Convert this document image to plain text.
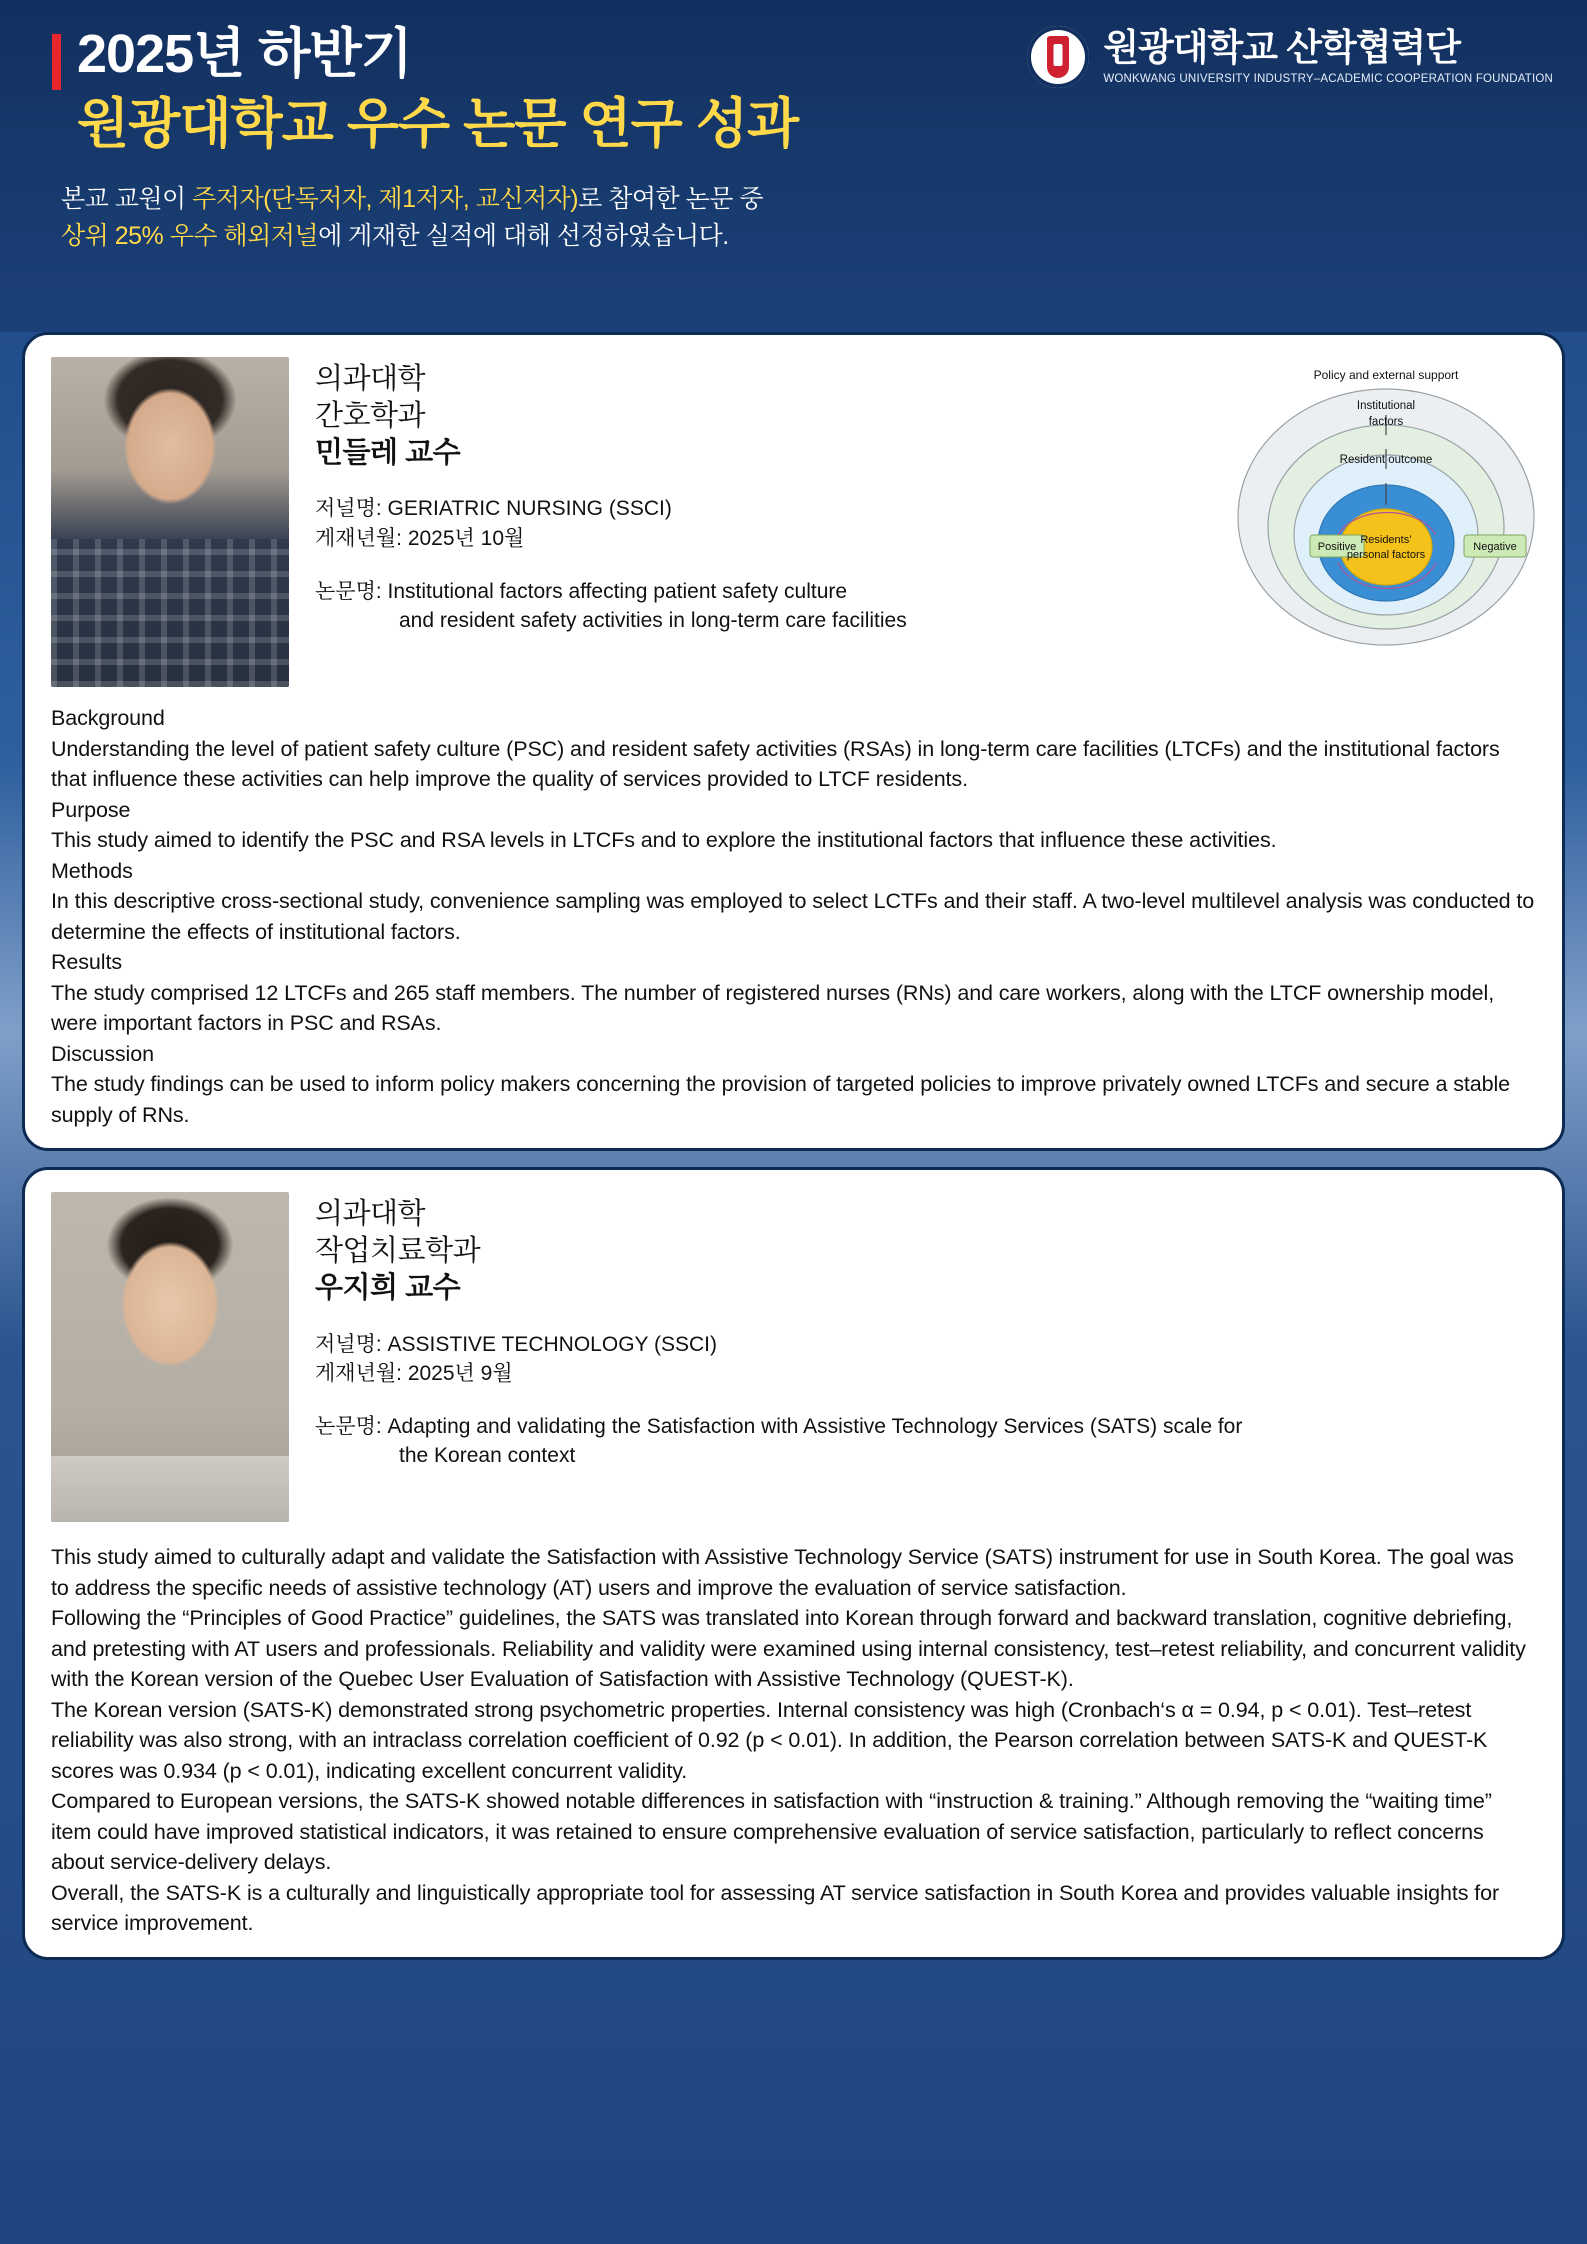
2025년 하반기
원광대학교 우수 논문 연구 성과
본교 교원이 주저자(단독저자, 제1저자, 교신저자)로 참여한 논문 중
상위 25% 우수 해외저널에 게재한 실적에 대해 선정하였습니다.
원광대학교 산학협력단
WONKWANG UNIVERSITY INDUSTRY–ACADEMIC COOPERATION FOUNDATION
의과대학
간호학과
민들레 교수
저널명: GERIATRIC NURSING (SSCI)
게재년월: 2025년 10월
논문명: Institutional factors affecting patient safety culture
and resident safety activities in long-term care facilities
Policy and external support
Institutional
factors
Resident outcome
Residents’
personal factors
Positive	Negative

Background

Understanding the level of patient safety culture (PSC) and resident safety activities (RSAs) in long-term care facilities (LTCFs) and the institutional factors that influence these activities can help improve the quality of services provided to LTCF residents.

Purpose

This study aimed to identify the PSC and RSA levels in LTCFs and to explore the institutional factors that influence these activities.

Methods

In this descriptive cross-sectional study, convenience sampling was employed to select LCTFs and their staff. A two-level multilevel analysis was conducted to determine the effects of institutional factors.

Results

The study comprised 12 LTCFs and 265 staff members. The number of registered nurses (RNs) and care workers, along with the LTCF ownership model, were important factors in PSC and RSAs.

Discussion

The study findings can be used to inform policy makers concerning the provision of targeted policies to improve privately owned LTCFs and secure a stable supply of RNs.

의과대학
작업치료학과
우지희 교수
저널명: ASSISTIVE TECHNOLOGY (SSCI)
게재년월: 2025년 9월
논문명: Adapting and validating the Satisfaction with Assistive Technology Services (SATS) scale for
the Korean context

This study aimed to culturally adapt and validate the Satisfaction with Assistive Technology Service (SATS) instrument for use in South Korea. The goal was to address the specific needs of assistive technology (AT) users and improve the evaluation of service satisfaction.

Following the “Principles of Good Practice” guidelines, the SATS was translated into Korean through forward and backward translation, cognitive debriefing, and pretesting with AT users and professionals. Reliability and validity were examined using internal consistency, test–retest reliability, and concurrent validity with the Korean version of the Quebec User Evaluation of Satisfaction with Assistive Technology (QUEST-K).

The Korean version (SATS-K) demonstrated strong psychometric properties. Internal consistency was high (Cronbach‘s α = 0.94, p < 0.01). Test–retest reliability was also strong, with an intraclass correlation coefficient of 0.92 (p < 0.01). In addition, the Pearson correlation between SATS-K and QUEST-K scores was 0.934 (p < 0.01), indicating excellent concurrent validity.

Compared to European versions, the SATS-K showed notable differences in satisfaction with “instruction & training.” Although removing the “waiting time” item could have improved statistical indicators, it was retained to ensure comprehensive evaluation of service satisfaction, particularly to reflect concerns about service-delivery delays.

Overall, the SATS-K is a culturally and linguistically appropriate tool for assessing AT service satisfaction in South Korea and provides valuable insights for service improvement.
